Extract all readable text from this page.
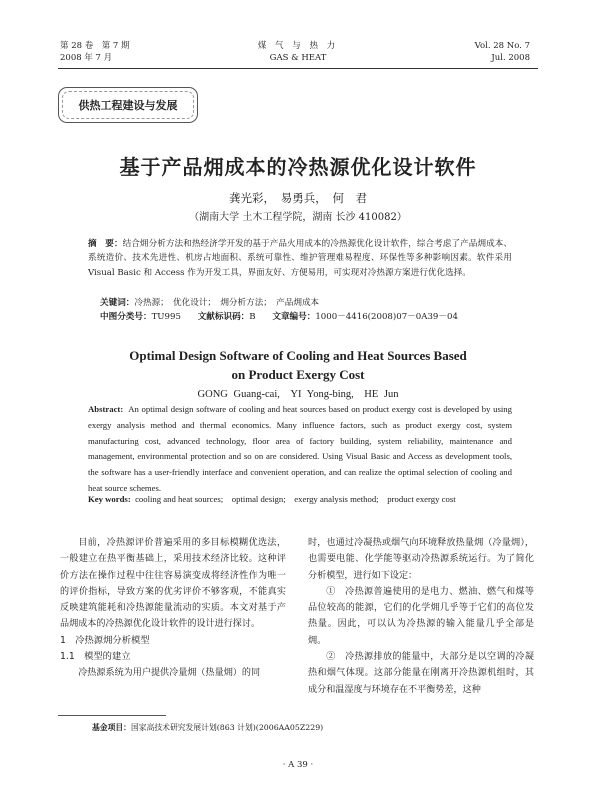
第 28 卷　第 7 期
2008 年 7 月
煤 气 与 热 力
GAS & HEAT
Vol. 28 No. 7
Jul. 2008
供热工程建设与发展
基于产品㶲成本的冷热源优化设计软件
龚光彩，　易勇兵，　何　君
（湖南大学 土木工程学院，湖南 长沙 410082）
摘　要：结合㶲分析方法和热经济学开发的基于产品火用成本的冷热源优化设计软件，综合考虑了产品㶲成本、系统造价、技术先进性、机房占地面积、系统可靠性、维护管理难易程度、环保性等多种影响因素。软件采用 Visual Basic 和 Access 作为开发工具，界面友好、方便易用，可实现对冷热源方案进行优化选择。
关键词：冷热源；　优化设计；　㶲分析方法；　产品㶲成本
中图分类号：TU995 文献标识码：B 文章编号：1000－4416(2008)07－0A39－04
Optimal Design Software of Cooling and Heat Sources Based
on Product Exergy Cost
GONG Guang-cai,　YI Yong-bing,　HE Jun
Abstract: An optimal design software of cooling and heat sources based on product exergy cost is developed by using exergy analysis method and thermal economics. Many influence factors, such as product exergy cost, system manufacturing cost, advanced technology, floor area of factory building, system reliability, maintenance and management, environmental protection and so on are considered. Using Visual Basic and Access as development tools, the software has a user-friendly interface and convenient operation, and can realize the optimal selection of cooling and heat source schemes.
Key words: cooling and heat sources;　optimal design;　exergy analysis method;　product exergy cost

目前，冷热源评价普遍采用的多目标模糊优选法，一般建立在热平衡基础上，采用技术经济比较。这种评价方法在操作过程中往往容易演变成将经济性作为唯一的评价指标，导致方案的优劣评价不够客观，不能真实反映建筑能耗和冷热源能量流动的实质。本文对基于产品㶲成本的冷热源优化设计软件的设计进行探讨。

1　冷热源㶲分析模型

1.1　模型的建立

冷热源系统为用户提供冷量㶲（热量㶲）的同

时，也通过冷凝热或烟气向环境释放热量㶲（冷量㶲），也需要电能、化学能等驱动冷热源系统运行。为了简化分析模型，进行如下设定：

①　冷热源普遍使用的是电力、燃油、燃气和煤等品位较高的能源，它们的化学㶲几乎等于它们的高位发热量。因此，可以认为冷热源的输入能量几乎全部是㶲。

②　冷热源排放的能量中，大部分是以空调的冷凝热和烟气体现。这部分能量在刚离开冷热源机组时，其成分和温湿度与环境存在不平衡势差，这种

基金项目：国家高技术研究发展计划(863 计划)(2006AA05Z229)
· A 39 ·
